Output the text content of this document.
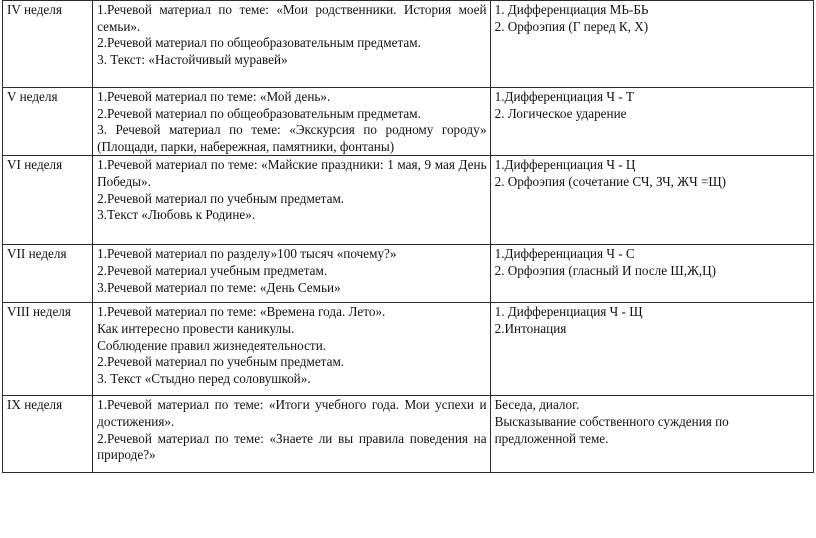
IV неделя	1.Речевой материал по теме: «Мои родственники. История моей семьи».
2.Речевой материал по общеобразовательным предметам.
3. Текст: «Настойчивый муравей»	1. Дифференциация МЬ-БЬ
2. Орфоэпия (Г перед К, Х)

V неделя	1.Речевой материал по теме: «Мой день».
2.Речевой материал по общеобразовательным предметам.
3. Речевой материал по теме: «Экскурсия по родному городу» (Площади, парки, набережная, памятники, фонтаны)	1.Дифференциация Ч - Т
2. Логическое ударение

VI неделя	1.Речевой материал по теме: «Майские праздники: 1 мая, 9 мая День Победы».
2.Речевой материал по учебным предметам.
3.Текст «Любовь к Родине».	1.Дифференциация Ч - Ц
2. Орфоэпия (сочетание СЧ, ЗЧ, ЖЧ =Щ)

VII неделя	1.Речевой материал по разделу»100 тысяч «почему?»
2.Речевой материал учебным предметам.
3.Речевой материал по теме: «День Семьи»	1.Дифференциация Ч - С
2. Орфоэпия (гласный И после Ш,Ж,Ц)

VIII неделя	1.Речевой материал по теме: «Времена года. Лето».
Как интересно провести каникулы.
Соблюдение правил жизнедеятельности.
2.Речевой материал по учебным предметам.
3. Текст «Стыдно перед соловушкой».	1. Дифференциация Ч - Щ
2.Интонация

IX неделя	1.Речевой материал по теме: «Итоги учебного года. Мои успехи и достижения».
2.Речевой материал по теме: «Знаете ли вы правила поведения на природе?»	Беседа, диалог.
Высказывание собственного суждения по предложенной теме.
